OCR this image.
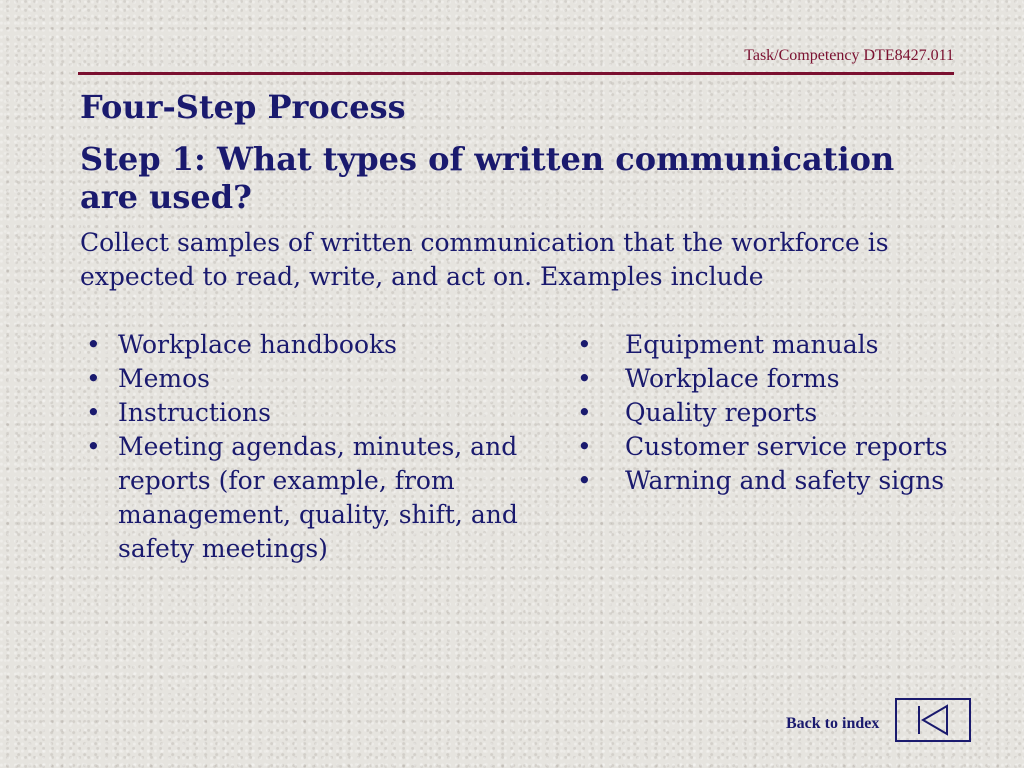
Task/Competency DTE8427.011
Four-Step Process
Step 1: What types of written communication are used?

Collect samples of written communication that the workforce is expected to read, write, and act on. Examples include

• Workplace handbooks
• Memos
• Instructions
• Meeting agendas, minutes, and reports (for example, from management, quality, shift, and safety meetings)
• Equipment manuals
• Workplace forms
• Quality reports
• Customer service reports
• Warning and safety signs
Back to index
